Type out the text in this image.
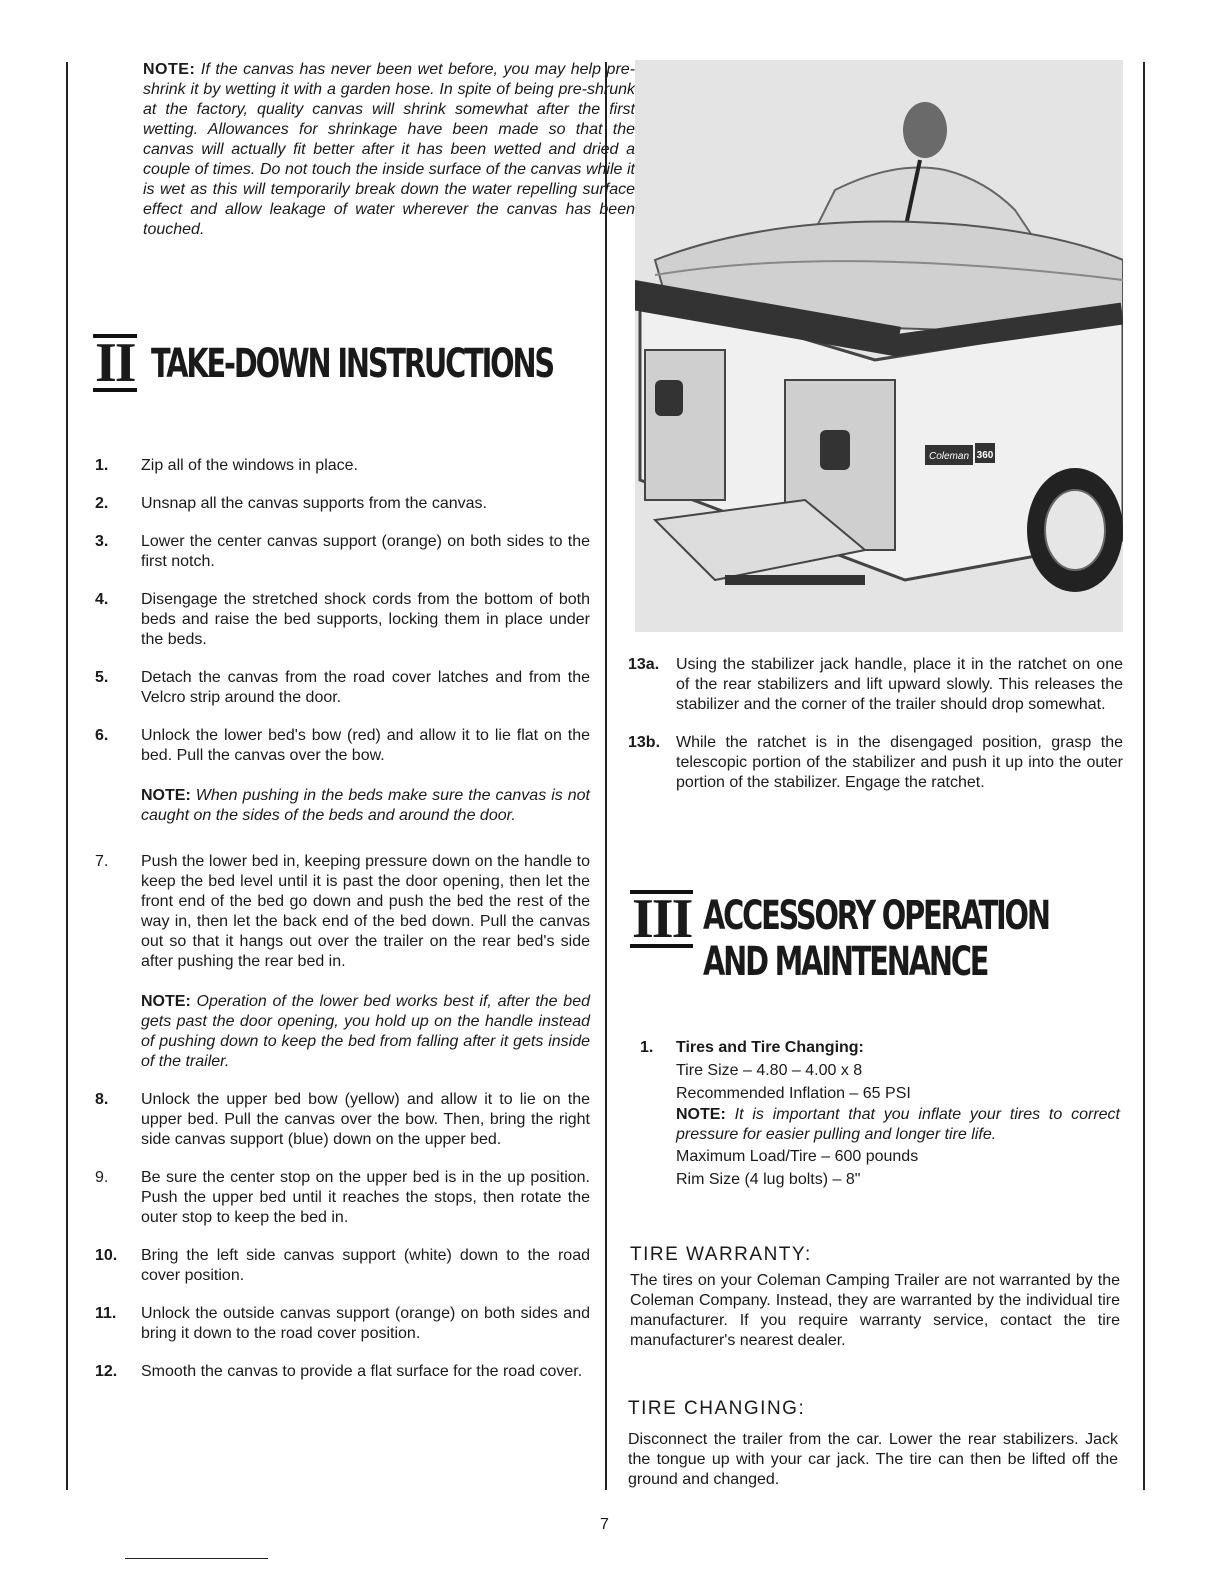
NOTE: If the canvas has never been wet before, you may help pre-shrink it by wetting it with a garden hose. In spite of being pre-shrunk at the factory, quality canvas will shrink somewhat after the first wetting. Allowances for shrinkage have been made so that the canvas will actually fit better after it has been wetted and dried a couple of times. Do not touch the inside surface of the canvas while it is wet as this will temporarily break down the water repelling surface effect and allow leakage of water wherever the canvas has been touched.
II TAKE-DOWN INSTRUCTIONS
1.	Zip all of the windows in place.
2.	Unsnap all the canvas supports from the canvas.
3.	Lower the center canvas support (orange) on both sides to the first notch.
4.	Disengage the stretched shock cords from the bottom of both beds and raise the bed supports, locking them in place under the beds.
5.	Detach the canvas from the road cover latches and from the Velcro strip around the door.
6.	Unlock the lower bed's bow (red) and allow it to lie flat on the bed. Pull the canvas over the bow.
NOTE: When pushing in the beds make sure the canvas is not caught on the sides of the beds and around the door.
7.	Push the lower bed in, keeping pressure down on the handle to keep the bed level until it is past the door opening, then let the front end of the bed go down and push the bed the rest of the way in, then let the back end of the bed down. Pull the canvas out so that it hangs out over the trailer on the rear bed's side after pushing the rear bed in.
NOTE: Operation of the lower bed works best if, after the bed gets past the door opening, you hold up on the handle instead of pushing down to keep the bed from falling after it gets inside of the trailer.
8.	Unlock the upper bed bow (yellow) and allow it to lie on the upper bed. Pull the canvas over the bow. Then, bring the right side canvas support (blue) down on the upper bed.
9.	Be sure the center stop on the upper bed is in the up position. Push the upper bed until it reaches the stops, then rotate the outer stop to keep the bed in.
10.	Bring the left side canvas support (white) down to the road cover position.
11.	Unlock the outside canvas support (orange) on both sides and bring it down to the road cover position.
12.	Smooth the canvas to provide a flat surface for the road cover.
Coleman 360
13a.	Using the stabilizer jack handle, place it in the ratchet on one of the rear stabilizers and lift upward slowly. This releases the stabilizer and the corner of the trailer should drop somewhat.
13b. While the ratchet is in the disengaged position, grasp the telescopic portion of the stabilizer and push it up into the outer portion of the stabilizer. Engage the ratchet.
III ACCESSORY OPERATION
AND MAINTENANCE
1.	Tires and Tire Changing:
Tire Size – 4.80 – 4.00 x 8
Recommended Inflation – 65 PSI
NOTE: It is important that you inflate your tires to correct pressure for easier pulling and longer tire life.
Maximum Load/Tire – 600 pounds
Rim Size (4 lug bolts) – 8"
TIRE WARRANTY:
The tires on your Coleman Camping Trailer are not warranted by the Coleman Company. Instead, they are warranted by the individual tire manufacturer. If you require warranty service, contact the tire manufacturer's nearest dealer.
TIRE CHANGING:
Disconnect the trailer from the car. Lower the rear stabilizers. Jack the tongue up with your car jack. The tire can then be lifted off the ground and changed.
7
